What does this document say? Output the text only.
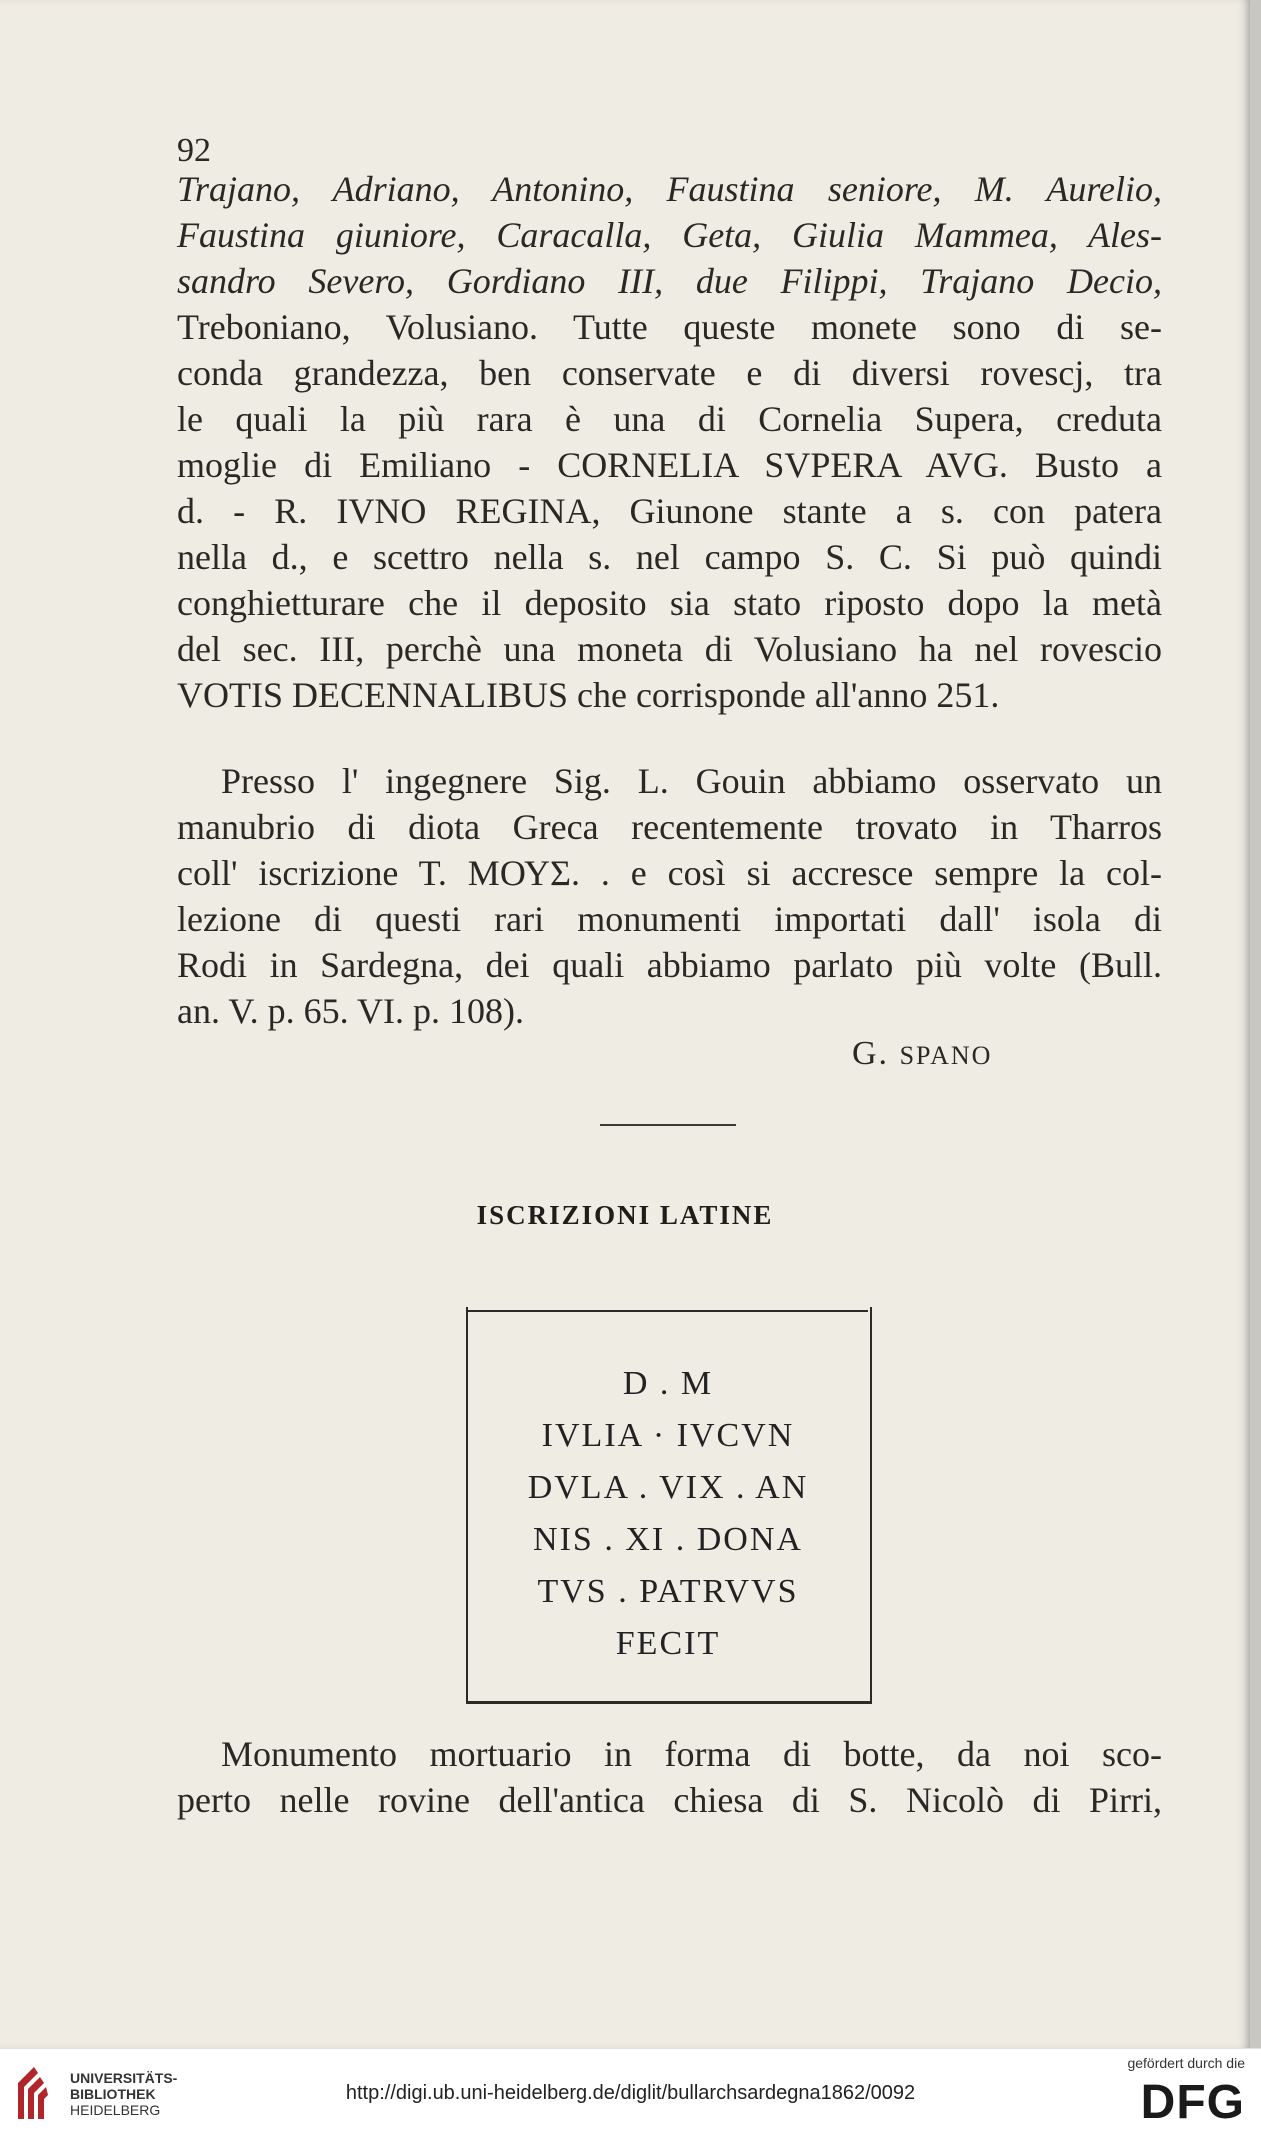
92
Trajano, Adriano, Antonino, Faustina seniore, M. Aurelio,
Faustina giuniore, Caracalla, Geta, Giulia Mammea, Ales-
sandro Severo, Gordiano III, due Filippi, Trajano Decio,
Treboniano, Volusiano. Tutte queste monete sono di se-
conda grandezza, ben conservate e di diversi rovescj, tra
le quali la più rara è una di Cornelia Supera, creduta
moglie di Emiliano - CORNELIA SVPERA AVG. Busto a
d. - R. IVNO REGINA, Giunone stante a s. con patera
nella d., e scettro nella s. nel campo S. C. Si può quindi
conghietturare che il deposito sia stato riposto dopo la metà
del sec. III, perchè una moneta di Volusiano ha nel rovescio
VOTIS DECENNALIBUS che corrisponde all'anno 251.
Presso l' ingegnere Sig. L. Gouin abbiamo osservato un
manubrio di diota Greca recentemente trovato in Tharros
coll' iscrizione T. ΜΟΥΣ. . e così si accresce sempre la col-
lezione di questi rari monumenti importati dall' isola di
Rodi in Sardegna, dei quali abbiamo parlato più volte (Bull.
an. V. p. 65. VI. p. 108).
G. SPANO
ISCRIZIONI LATINE
D . M
IVLIA · IVCVN
DVLA . VIX . AN
NIS . XI . DONA
TVS . PATRVVS
FECIT
Monumento mortuario in forma di botte, da noi sco-
perto nelle rovine dell'antica chiesa di S. Nicolò di Pirri,
UNIVERSITÄTS-
BIBLIOTHEK
HEIDELBERG
http://digi.ub.uni-heidelberg.de/diglit/bullarchsardegna1862/0092
gefördert durch die
DFG
